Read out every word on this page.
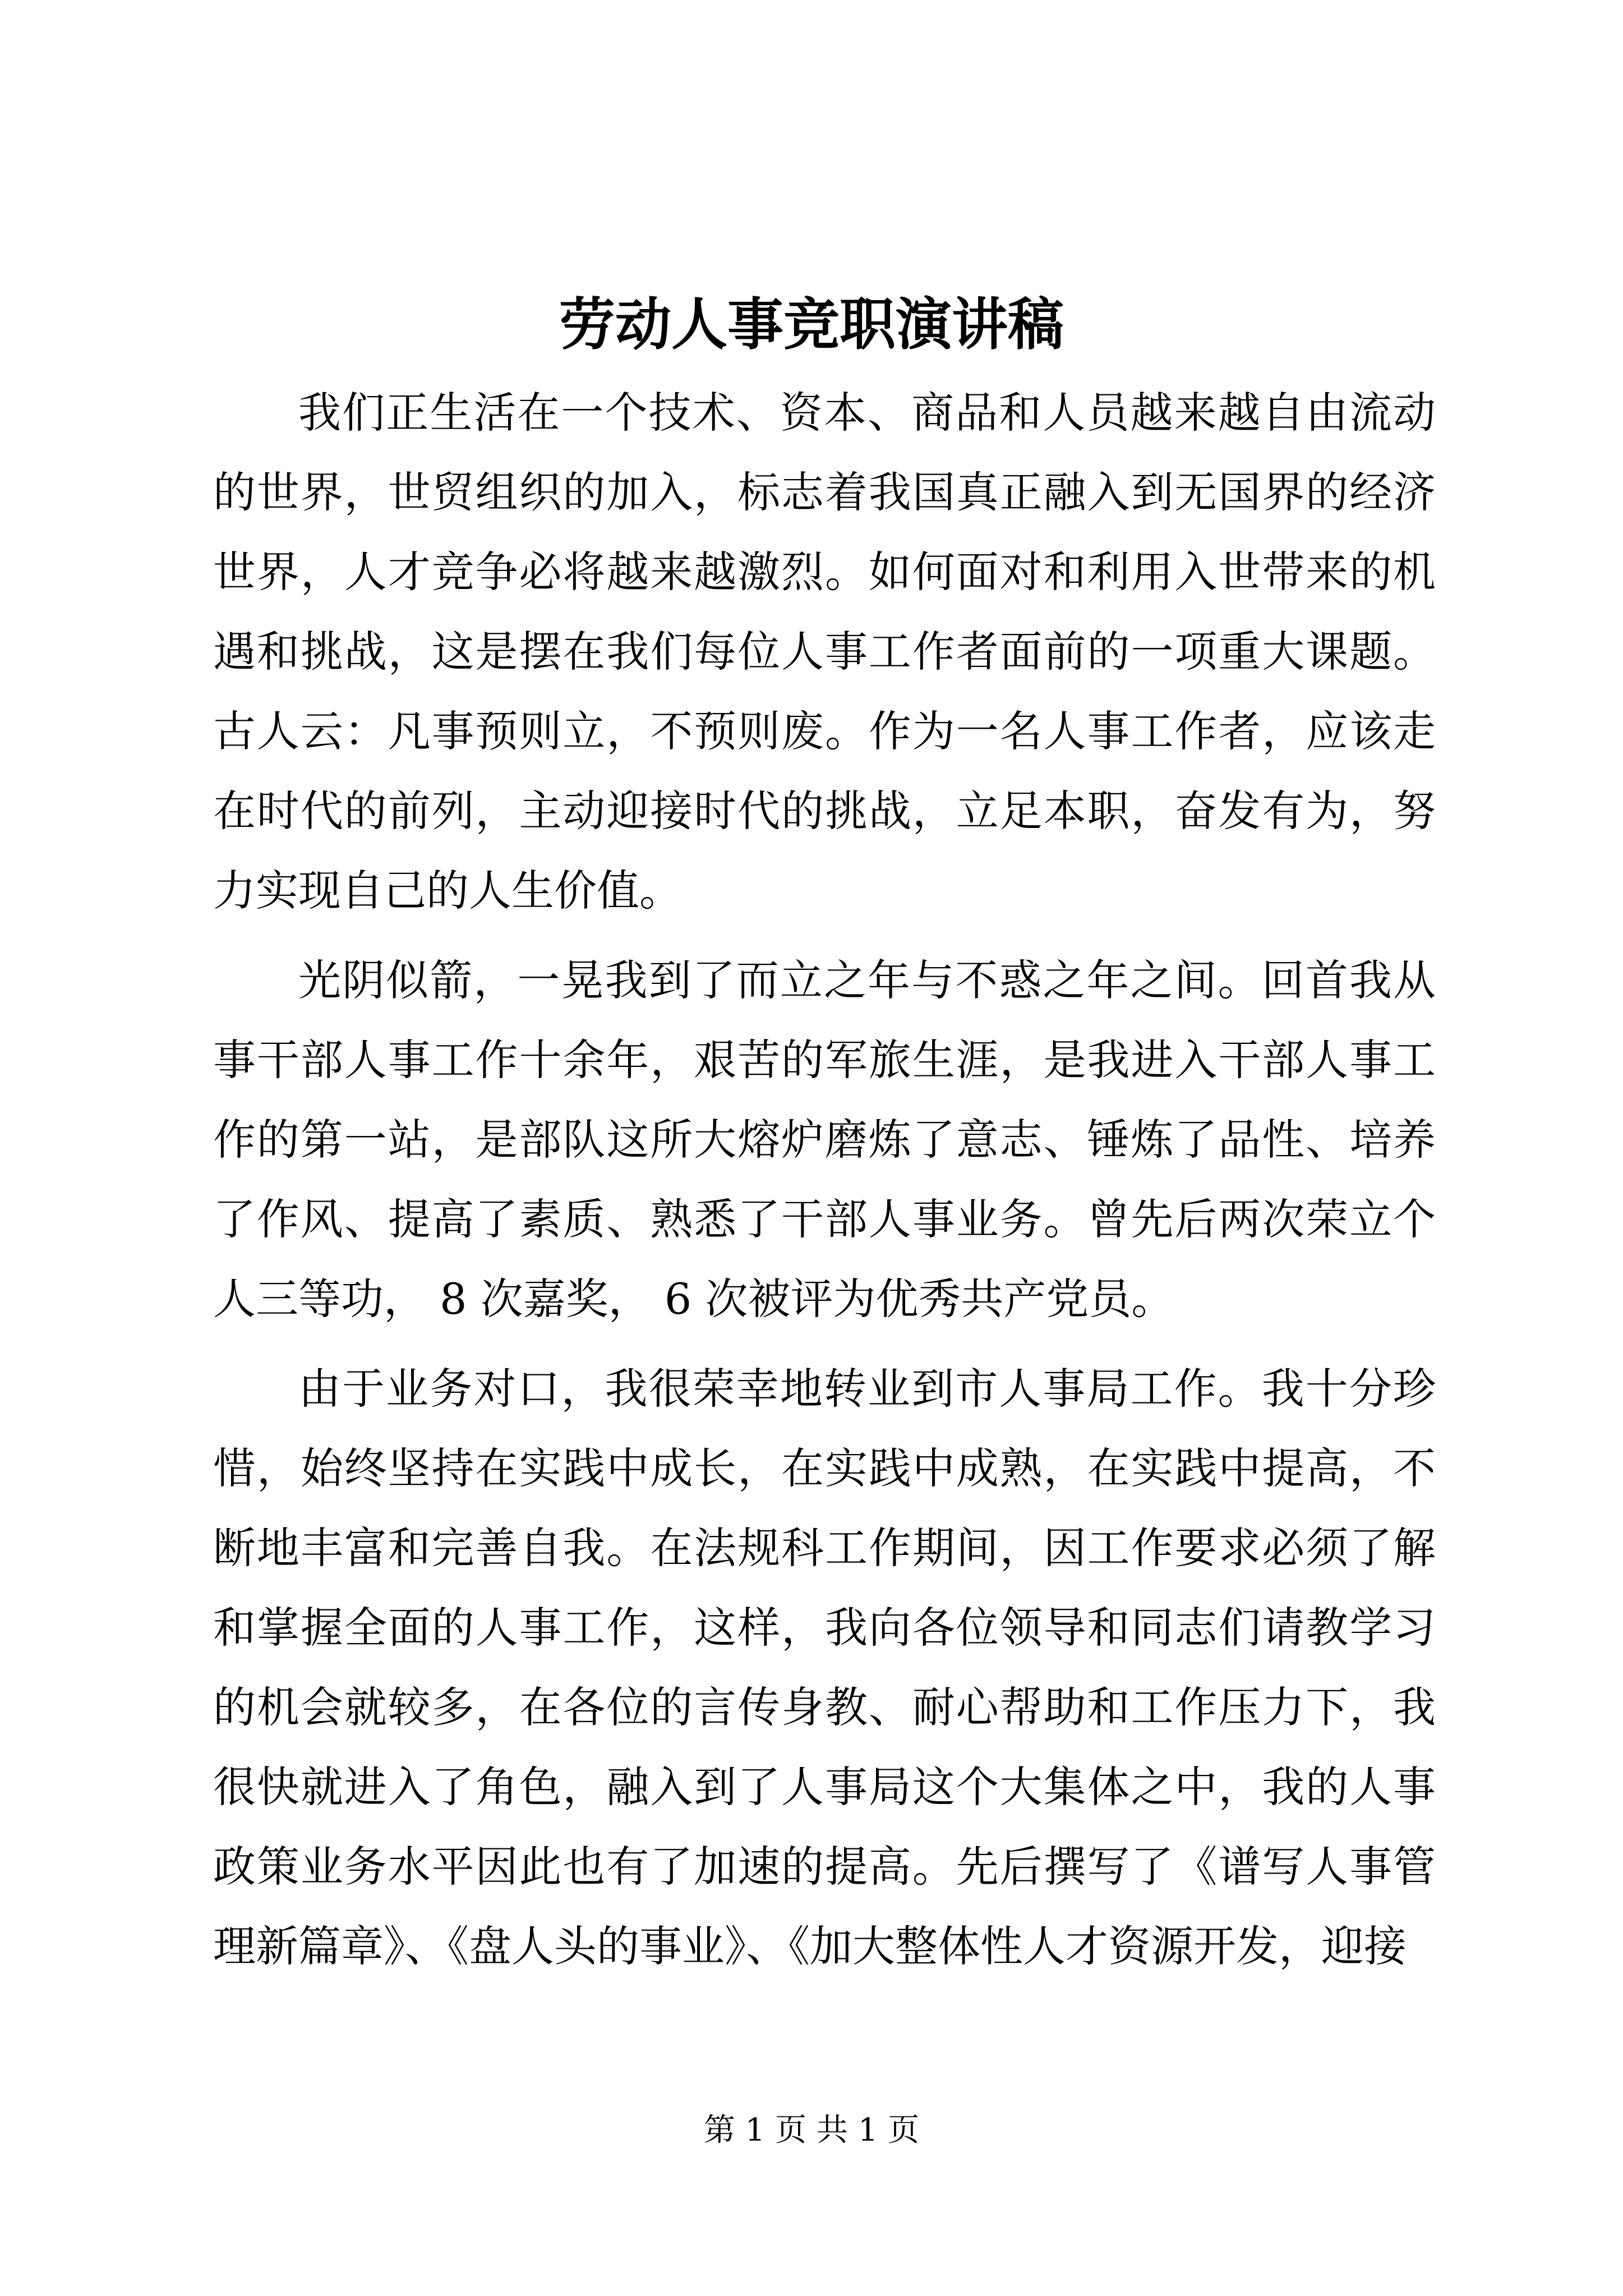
劳动人事竞职演讲稿

我们正生活在一个技术、资本、商品和人员越来越自由流动的世界，世贸组织的加入，标志着我国真正融入到无国界的经济世界，人才竞争必将越来越激烈。如何面对和利用入世带来的机遇和挑战，这是摆在我们每位人事工作者面前的一项重大课题。古人云：凡事预则立，不预则废。作为一名人事工作者，应该走在时代的前列，主动迎接时代的挑战，立足本职，奋发有为，努力实现自己的人生价值。

光阴似箭，一晃我到了而立之年与不惑之年之间。回首我从事干部人事工作十余年，艰苦的军旅生涯，是我进入干部人事工作的第一站，是部队这所大熔炉磨炼了意志、锤炼了品性、培养了作风、提高了素质、熟悉了干部人事业务。曾先后两次荣立个人三等功， 8 次嘉奖， 6 次被评为优秀共产党员。

由于业务对口，我很荣幸地转业到市人事局工作。我十分珍惜，始终坚持在实践中成长，在实践中成熟，在实践中提高，不断地丰富和完善自我。在法规科工作期间，因工作要求必须了解和掌握全面的人事工作，这样，我向各位领导和同志们请教学习的机会就较多，在各位的言传身教、耐心帮助和工作压力下，我很快就进入了角色，融入到了人事局这个大集体之中，我的人事政策业务水平因此也有了加速的提高。先后撰写了《谱写人事管理新篇章》、《盘人头的事业》、《加大整体性人才资源开发，迎接

第 1 页 共 1 页
